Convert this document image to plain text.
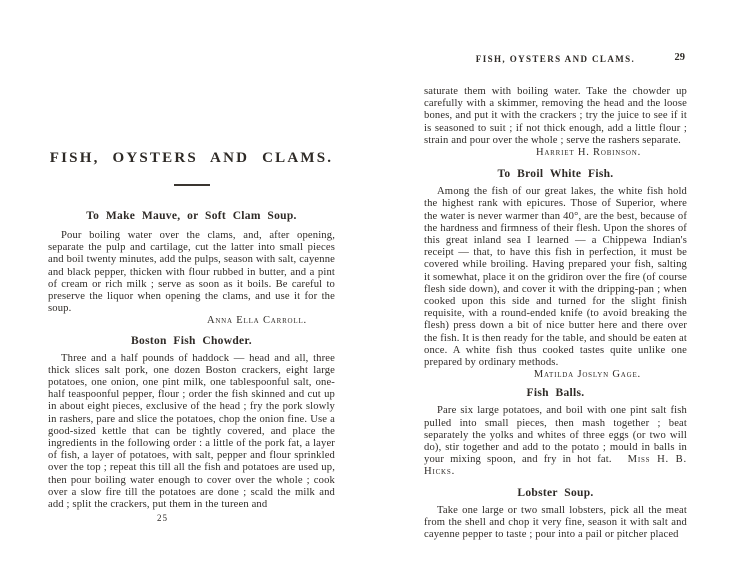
FISH, OYSTERS AND CLAMS.
To Make Mauve, or Soft Clam Soup.

Pour boiling water over the clams, and, after opening, separate the pulp and cartilage, cut the latter into small pieces and boil twenty minutes, add the pulps, season with salt, cayenne and black pepper, thicken with flour rubbed in butter, and a pint of cream or rich milk ; serve as soon as it boils. Be careful to preserve the liquor when opening the clams, and use it for the soup.

Anna Ella Carroll.

Boston Fish Chowder.

Three and a half pounds of haddock — head and all, three thick slices salt pork, one dozen Boston crackers, eight large potatoes, one onion, one pint milk, one tablespoonful salt, one-half teaspoonful pepper, flour ; order the fish skinned and cut up in about eight pieces, exclusive of the head ; fry the pork slowly in rashers, pare and slice the potatoes, chop the onion fine. Use a good-sized kettle that can be tightly covered, and place the ingredients in the following order : a little of the pork fat, a layer of fish, a layer of potatoes, with salt, pepper and flour sprinkled over the top ; repeat this till all the fish and potatoes are used up, then pour boiling water enough to cover over the whole ; cook over a slow fire till the potatoes are done ; scald the milk and add ; split the crackers, put them in the tureen and

25
FISH, OYSTERS AND CLAMS.	29

saturate them with boiling water. Take the chowder up carefully with a skimmer, removing the head and the loose bones, and put it with the crackers ; try the juice to see if it is seasoned to suit ; if not thick enough, add a little flour ; strain and pour over the whole ; serve the rashers separate.

Harriet H. Robinson.

To Broil White Fish.

Among the fish of our great lakes, the white fish hold the highest rank with epicures. Those of Superior, where the water is never warmer than 40°, are the best, because of the hardness and firmness of their flesh. Upon the shores of this great inland sea I learned — a Chippewa Indian's receipt — that, to have this fish in perfection, it must be covered while broiling. Having prepared your fish, salting it somewhat, place it on the gridiron over the fire (of course flesh side down), and cover it with the dripping-pan ; when cooked upon this side and turned for the slight finish requisite, with a round-ended knife (to avoid breaking the flesh) press down a bit of nice butter here and there over the fish. It is then ready for the table, and should be eaten at once. A white fish thus cooked tastes quite unlike one prepared by ordinary methods.

Matilda Joslyn Gage.

Fish Balls.

Pare six large potatoes, and boil with one pint salt fish pulled into small pieces, then mash together ; beat separately the yolks and whites of three eggs (or two will do), stir together and add to the potato ; mould in balls in your mixing spoon, and fry in hot fat. Miss H. B. Hicks.

Lobster Soup.

Take one large or two small lobsters, pick all the meat from the shell and chop it very fine, season it with salt and cayenne pepper to taste ; pour into a pail or pitcher placed
